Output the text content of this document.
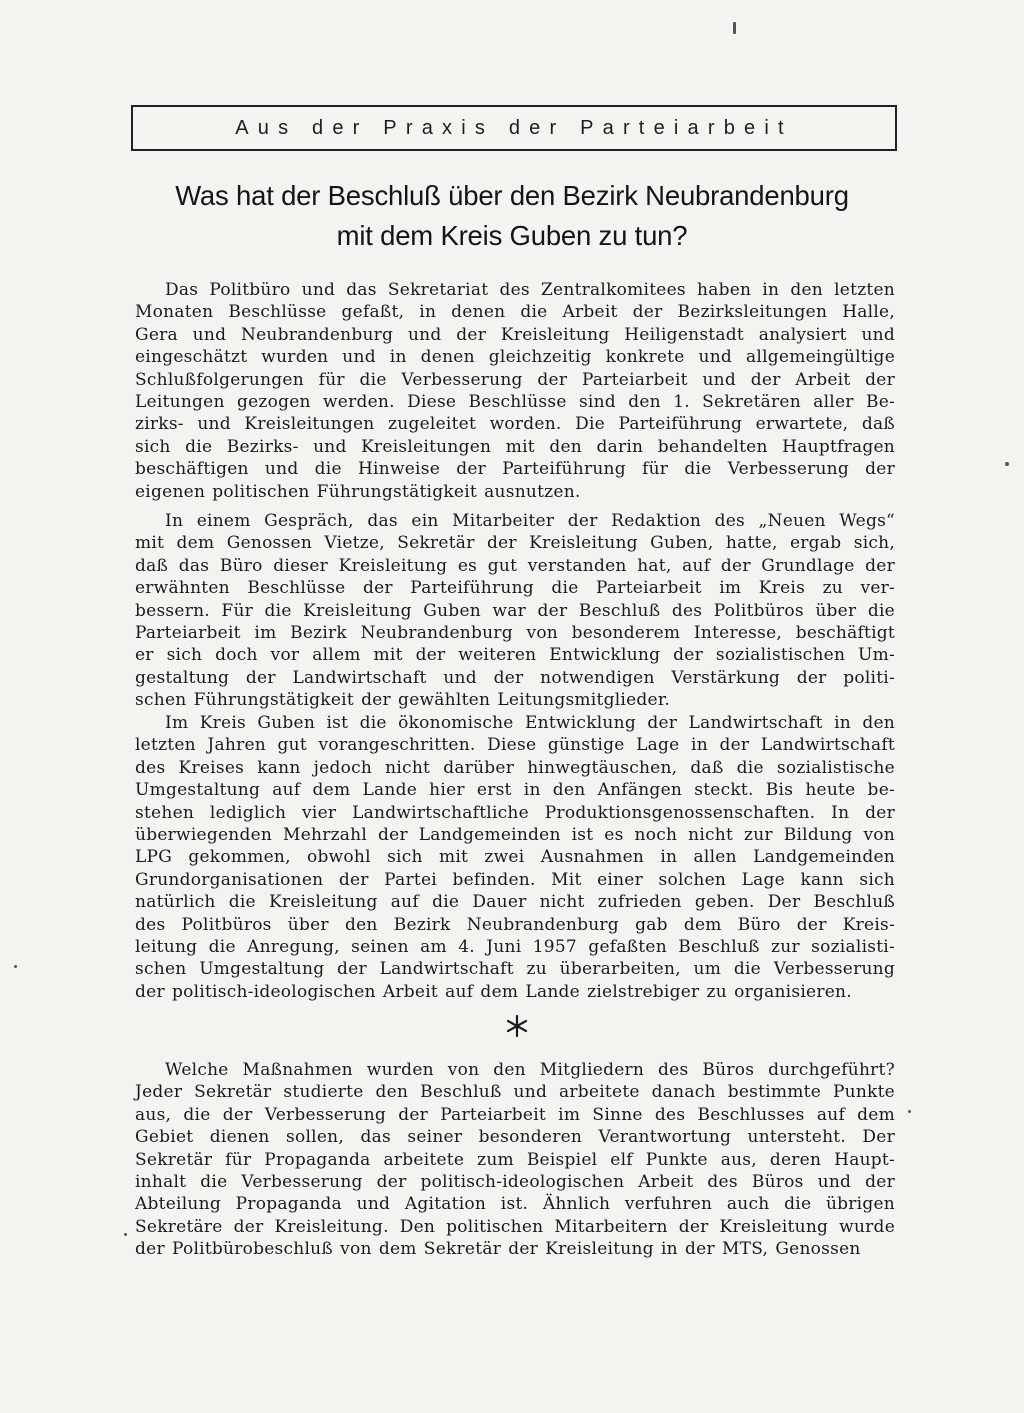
Aus der Praxis der Parteiarbeit
Was hat der Beschluß über den Bezirk Neubrandenburg
mit dem Kreis Guben zu tun?
Das Politbüro und das Sekretariat des Zentralkomitees haben in den letzten
Monaten Beschlüsse gefaßt, in denen die Arbeit der Bezirksleitungen Halle,
Gera und Neubrandenburg und der Kreisleitung Heiligenstadt analysiert und
eingeschätzt wurden und in denen gleichzeitig konkrete und allgemeingültige
Schlußfolgerungen für die Verbesserung der Parteiarbeit und der Arbeit der
Leitungen gezogen werden. Diese Beschlüsse sind den 1. Sekretären aller Be-
zirks- und Kreisleitungen zugeleitet worden. Die Parteiführung erwartete, daß
sich die Bezirks- und Kreisleitungen mit den darin behandelten Hauptfragen
beschäftigen und die Hinweise der Parteiführung für die Verbesserung der
eigenen politischen Führungstätigkeit ausnutzen.
In einem Gespräch, das ein Mitarbeiter der Redaktion des „Neuen Wegs“
mit dem Genossen Vietze, Sekretär der Kreisleitung Guben, hatte, ergab sich,
daß das Büro dieser Kreisleitung es gut verstanden hat, auf der Grundlage der
erwähnten Beschlüsse der Parteiführung die Parteiarbeit im Kreis zu ver-
bessern. Für die Kreisleitung Guben war der Beschluß des Politbüros über die
Parteiarbeit im Bezirk Neubrandenburg von besonderem Interesse, beschäftigt
er sich doch vor allem mit der weiteren Entwicklung der sozialistischen Um-
gestaltung der Landwirtschaft und der notwendigen Verstärkung der politi-
schen Führungstätigkeit der gewählten Leitungsmitglieder.
Im Kreis Guben ist die ökonomische Entwicklung der Landwirtschaft in den
letzten Jahren gut vorangeschritten. Diese günstige Lage in der Landwirtschaft
des Kreises kann jedoch nicht darüber hinwegtäuschen, daß die sozialistische
Umgestaltung auf dem Lande hier erst in den Anfängen steckt. Bis heute be-
stehen lediglich vier Landwirtschaftliche Produktionsgenossenschaften. In der
überwiegenden Mehrzahl der Landgemeinden ist es noch nicht zur Bildung von
LPG gekommen, obwohl sich mit zwei Ausnahmen in allen Landgemeinden
Grundorganisationen der Partei befinden. Mit einer solchen Lage kann sich
natürlich die Kreisleitung auf die Dauer nicht zufrieden geben. Der Beschluß
des Politbüros über den Bezirk Neubrandenburg gab dem Büro der Kreis-
leitung die Anregung, seinen am 4. Juni 1957 gefaßten Beschluß zur sozialisti-
schen Umgestaltung der Landwirtschaft zu überarbeiten, um die Verbesserung
der politisch-ideologischen Arbeit auf dem Lande zielstrebiger zu organisieren.
Welche Maßnahmen wurden von den Mitgliedern des Büros durchgeführt?
Jeder Sekretär studierte den Beschluß und arbeitete danach bestimmte Punkte
aus, die der Verbesserung der Parteiarbeit im Sinne des Beschlusses auf dem
Gebiet dienen sollen, das seiner besonderen Verantwortung untersteht. Der
Sekretär für Propaganda arbeitete zum Beispiel elf Punkte aus, deren Haupt-
inhalt die Verbesserung der politisch-ideologischen Arbeit des Büros und der
Abteilung Propaganda und Agitation ist. Ähnlich verfuhren auch die übrigen
Sekretäre der Kreisleitung. Den politischen Mitarbeitern der Kreisleitung wurde
der Politbürobeschluß von dem Sekretär der Kreisleitung in der MTS, Genossen
